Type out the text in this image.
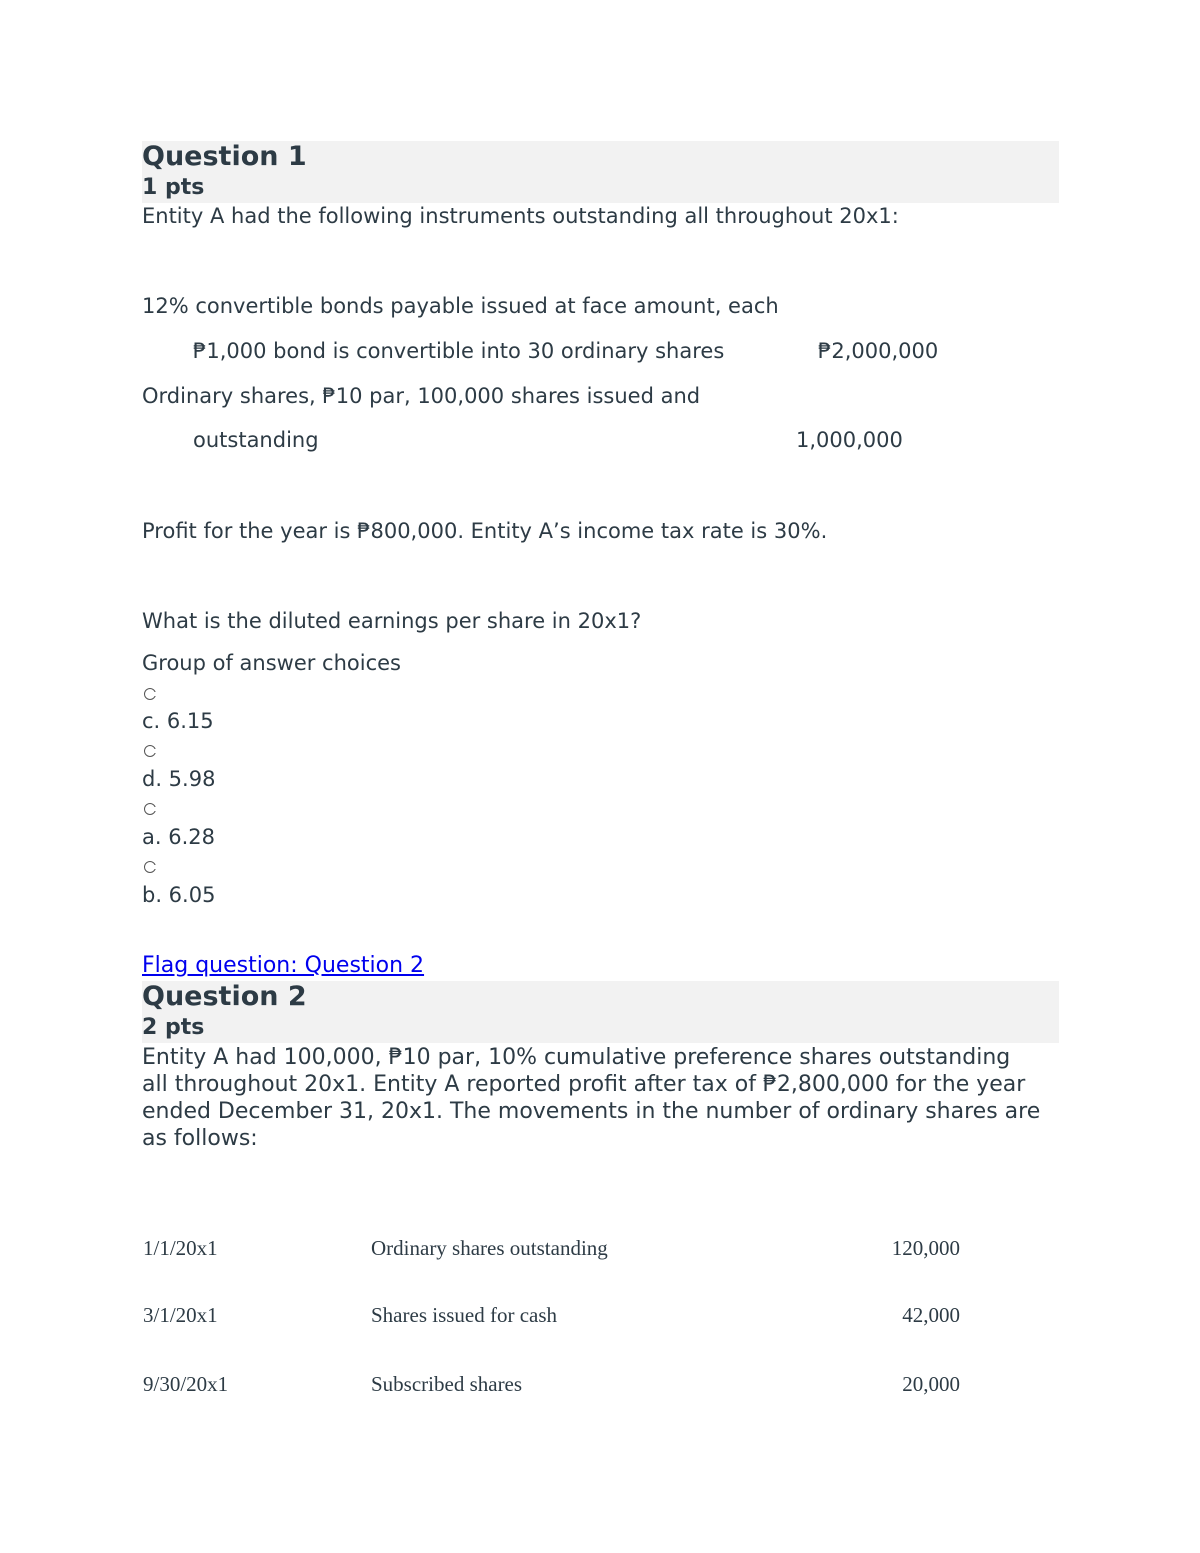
Question 1
1 pts
Entity A had the following instruments outstanding all throughout 20x1:
12% convertible bonds payable issued at face amount, each
₱1,000 bond is convertible into 30 ordinary shares	₱2,000,000
Ordinary shares, ₱10 par, 100,000 shares issued and
outstanding	1,000,000
Profit for the year is ₱800,000. Entity A’s income tax rate is 30%.
What is the diluted earnings per share in 20x1?
Group of answer choices
c. 6.15
d. 5.98
a. 6.28
b. 6.05
Flag question: Question 2
Question 2
2 pts
Entity A had 100,000, ₱10 par, 10% cumulative preference shares outstanding all throughout 20x1. Entity A reported profit after tax of ₱2,800,000 for the year ended December 31, 20x1. The movements in the number of ordinary shares are as follows:
1/1/20x1	Ordinary shares outstanding	120,000
3/1/20x1	Shares issued for cash	42,000
9/30/20x1	Subscribed shares	20,000
